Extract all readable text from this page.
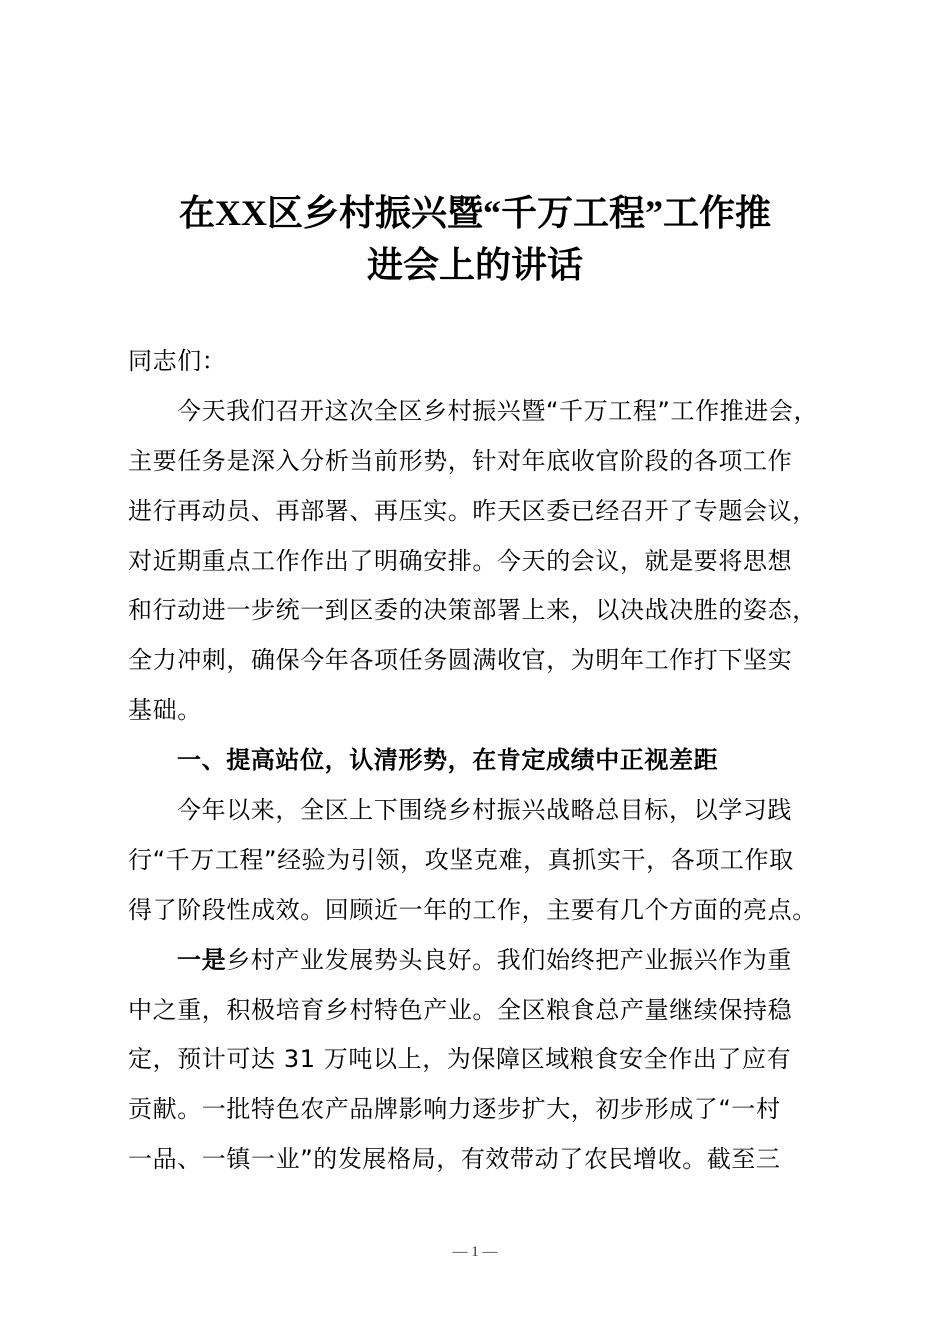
在XX区乡村振兴暨“千万工程”工作推
进会上的讲话
同志们：
今天我们召开这次全区乡村振兴暨“千万工程”工作推进会，
主要任务是深入分析当前形势，针对年底收官阶段的各项工作
进行再动员、再部署、再压实。昨天区委已经召开了专题会议，
对近期重点工作作出了明确安排。今天的会议，就是要将思想
和行动进一步统一到区委的决策部署上来，以决战决胜的姿态，
全力冲刺，确保今年各项任务圆满收官，为明年工作打下坚实
基础。
一、提高站位，认清形势，在肯定成绩中正视差距
今年以来，全区上下围绕乡村振兴战略总目标，以学习践
行“千万工程”经验为引领，攻坚克难，真抓实干，各项工作取
得了阶段性成效。回顾近一年的工作，主要有几个方面的亮点。
一是乡村产业发展势头良好。我们始终把产业振兴作为重
中之重，积极培育乡村特色产业。全区粮食总产量继续保持稳
定，预计可达 31 万吨以上，为保障区域粮食安全作出了应有
贡献。一批特色农产品牌影响力逐步扩大，初步形成了“一村
一品、一镇一业”的发展格局，有效带动了农民增收。截至三
— 1 —
